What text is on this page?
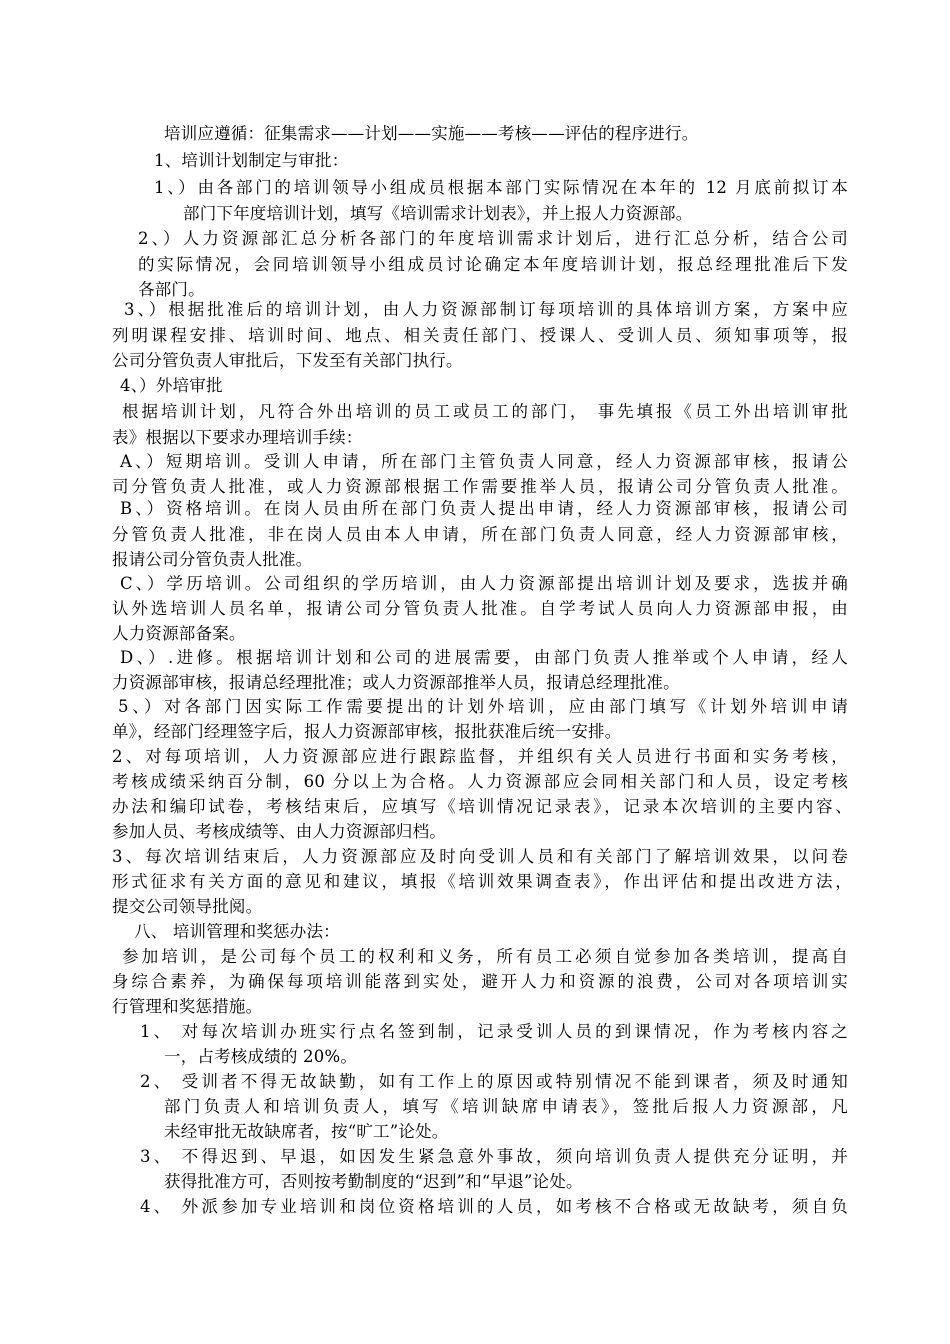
培训应遵循：征集需求——计划——实施——考核——评估的程序进行。
1、培训计划制定与审批：
1、）由各部门的培训领导小组成员根据本部门实际情况在本年的 12 月底前拟订本
部门下年度培训计划，填写《培训需求计划表》，并上报人力资源部。
2、）人力资源部汇总分析各部门的年度培训需求计划后，进行汇总分析，结合公司
的实际情况，会同培训领导小组成员讨论确定本年度培训计划，报总经理批准后下发
各部门。
3、）根据批准后的培训计划，由人力资源部制订每项培训的具体培训方案，方案中应
列明课程安排、培训时间、地点、相关责任部门、授课人、受训人员、须知事项等，报
公司分管负责人审批后，下发至有关部门执行。
4、）外培审批
根据培训计划，凡符合外出培训的员工或员工的部门， 事先填报《员工外出培训审批
表》根据以下要求办理培训手续：
A、）短期培训。受训人申请，所在部门主管负责人同意，经人力资源部审核，报请公
司分管负责人批准，或人力资源部根据工作需要推举人员，报请公司分管负责人批准。
B、）资格培训。在岗人员由所在部门负责人提出申请，经人力资源部审核，报请公司
分管负责人批准，非在岗人员由本人申请，所在部门负责人同意，经人力资源部审核，
报请公司分管负责人批准。
C、）学历培训。公司组织的学历培训，由人力资源部提出培训计划及要求，选拔并确
认外选培训人员名单，报请公司分管负责人批准。自学考试人员向人力资源部申报，由
人力资源部备案。
D、）.进修。根据培训计划和公司的进展需要，由部门负责人推举或个人申请，经人
力资源部审核，报请总经理批准；或人力资源部推举人员，报请总经理批准。
5、）对各部门因实际工作需要提出的计划外培训，应由部门填写《计划外培训申请
单》，经部门经理签字后，报人力资源部审核，报批获准后统一安排。
2、对每项培训，人力资源部应进行跟踪监督，并组织有关人员进行书面和实务考核，
考核成绩采纳百分制，60 分以上为合格。人力资源部应会同相关部门和人员，设定考核
办法和编印试卷，考核结束后，应填写《培训情况记录表》，记录本次培训的主要内容、
参加人员、考核成绩等、由人力资源部归档。
3、每次培训结束后，人力资源部应及时向受训人员和有关部门了解培训效果，以问卷
形式征求有关方面的意见和建议，填报《培训效果调查表》，作出评估和提出改进方法，
提交公司领导批阅。
八、 培训管理和奖惩办法：
参加培训，是公司每个员工的权利和义务，所有员工必须自觉参加各类培训，提高自
身综合素养，为确保每项培训能落到实处，避开人力和资源的浪费，公司对各项培训实
行管理和奖惩措施。
1、 对每次培训办班实行点名签到制，记录受训人员的到课情况，作为考核内容之
一，占考核成绩的 20%。
2、 受训者不得无故缺勤，如有工作上的原因或特别情况不能到课者，须及时通知
部门负责人和培训负责人，填写《培训缺席申请表》，签批后报人力资源部，凡
未经审批无故缺席者，按“旷工”论处。
3、 不得迟到、早退，如因发生紧急意外事故，须向培训负责人提供充分证明，并
获得批准方可，否则按考勤制度的“迟到”和“早退”论处。
4、 外派参加专业培训和岗位资格培训的人员，如考核不合格或无故缺考，须自负
